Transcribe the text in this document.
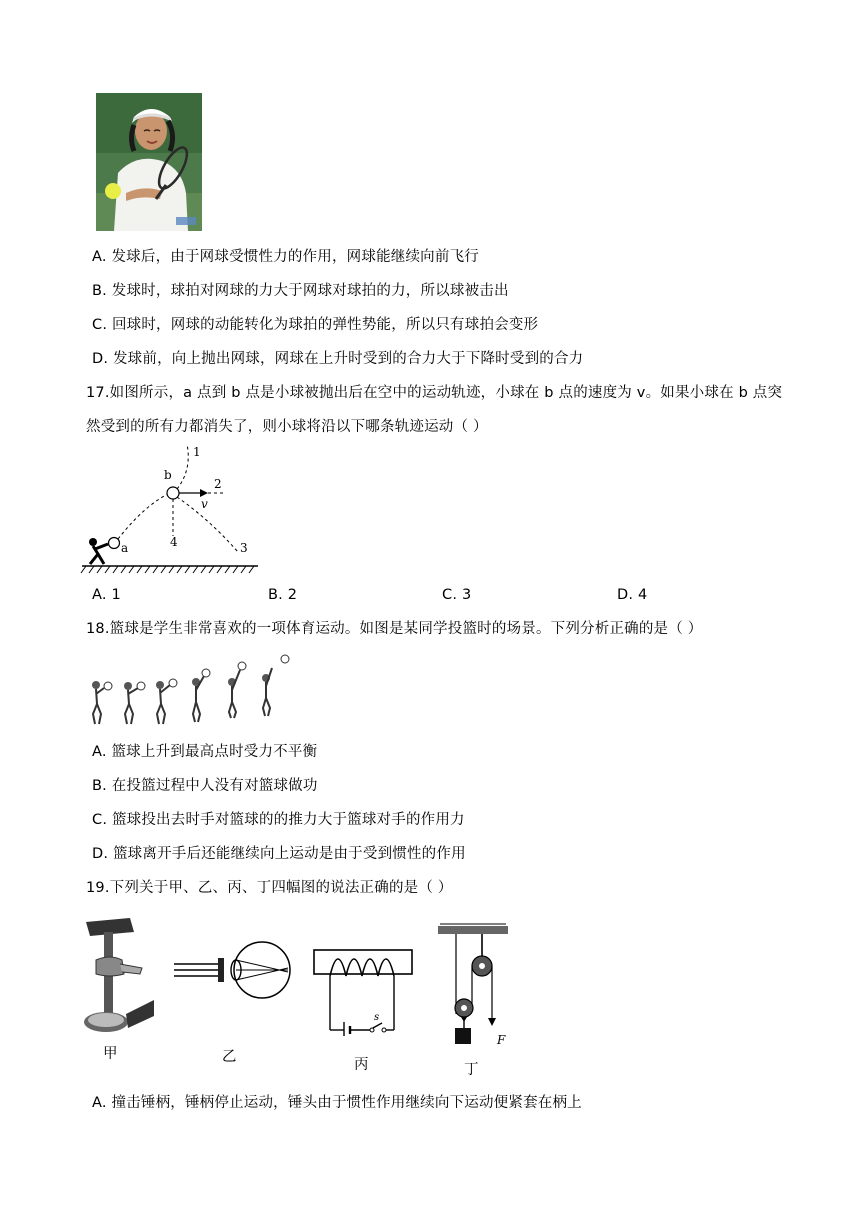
A. 发球后，由于网球受惯性力的作用，网球能继续向前飞行
B. 发球时，球拍对网球的力大于网球对球拍的力，所以球被击出
C. 回球时，网球的动能转化为球拍的弹性势能，所以只有球拍会变形
D. 发球前，向上抛出网球，网球在上升时受到的合力大于下降时受到的合力
17.如图所示，a 点到 b 点是小球被抛出后在空中的运动轨迹，小球在 b 点的速度为 v。如果小球在 b 点突
然受到的所有力都消失了，则小球将沿以下哪条轨迹运动（ ）
a
b
1
2
v
4	3
A. 1	B. 2	C. 3	D. 4
18.篮球是学生非常喜欢的一项体育运动。如图是某同学投篮时的场景。下列分析正确的是（ ）
A. 篮球上升到最高点时受力不平衡
B. 在投篮过程中人没有对篮球做功
C. 篮球投出去时手对篮球的的推力大于篮球对手的作用力
D. 篮球离开手后还能继续向上运动是由于受到惯性的作用
19.下列关于甲、乙、丙、丁四幅图的说法正确的是（ ）
s
F
甲	乙	丙	丁
A. 撞击锤柄，锤柄停止运动，锤头由于惯性作用继续向下运动便紧套在柄上
